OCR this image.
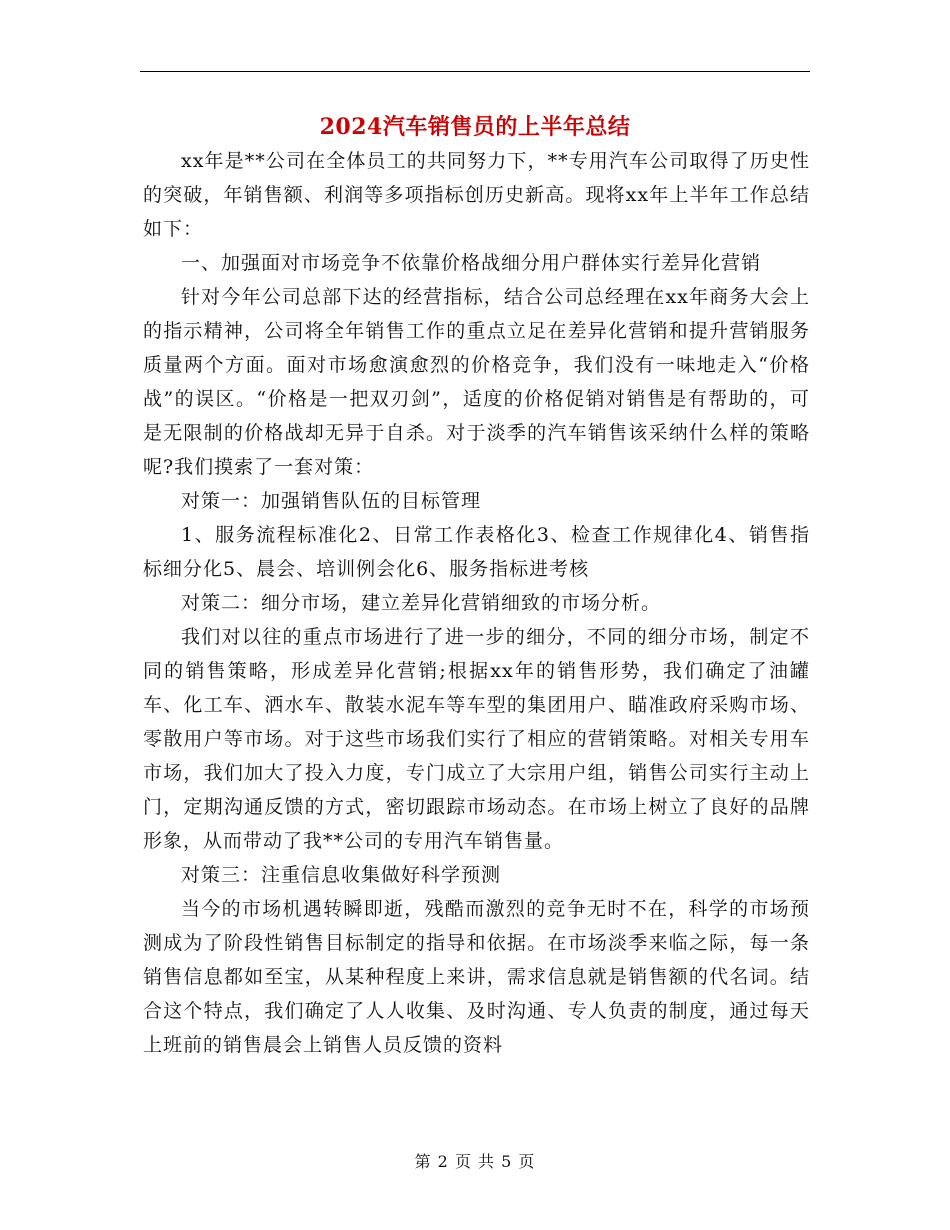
2024汽车销售员的上半年总结

xx年是**公司在全体员工的共同努力下，**专用汽车公司取得了历史性的突破，年销售额、利润等多项指标创历史新高。现将xx年上半年工作总结如下：

一、加强面对市场竞争不依靠价格战细分用户群体实行差异化营销

针对今年公司总部下达的经营指标，结合公司总经理在xx年商务大会上的指示精神，公司将全年销售工作的重点立足在差异化营销和提升营销服务质量两个方面。面对市场愈演愈烈的价格竞争，我们没有一味地走入“价格战”的误区。“价格是一把双刃剑”，适度的价格促销对销售是有帮助的，可是无限制的价格战却无异于自杀。对于淡季的汽车销售该采纳什么样的策略呢?我们摸索了一套对策：

对策一：加强销售队伍的目标管理

1、服务流程标准化2、日常工作表格化3、检查工作规律化4、销售指标细分化5、晨会、培训例会化6、服务指标进考核

对策二：细分市场，建立差异化营销细致的市场分析。

我们对以往的重点市场进行了进一步的细分，不同的细分市场，制定不同的销售策略，形成差异化营销;根据xx年的销售形势，我们确定了油罐车、化工车、洒水车、散装水泥车等车型的集团用户、瞄准政府采购市场、零散用户等市场。对于这些市场我们实行了相应的营销策略。对相关专用车市场，我们加大了投入力度，专门成立了大宗用户组，销售公司实行主动上门，定期沟通反馈的方式，密切跟踪市场动态。在市场上树立了良好的品牌形象，从而带动了我**公司的专用汽车销售量。

对策三：注重信息收集做好科学预测

当今的市场机遇转瞬即逝，残酷而激烈的竞争无时不在，科学的市场预测成为了阶段性销售目标制定的指导和依据。在市场淡季来临之际，每一条销售信息都如至宝，从某种程度上来讲，需求信息就是销售额的代名词。结合这个特点，我们确定了人人收集、及时沟通、专人负责的制度，通过每天上班前的销售晨会上销售人员反馈的资料

第 2 页 共 5 页
